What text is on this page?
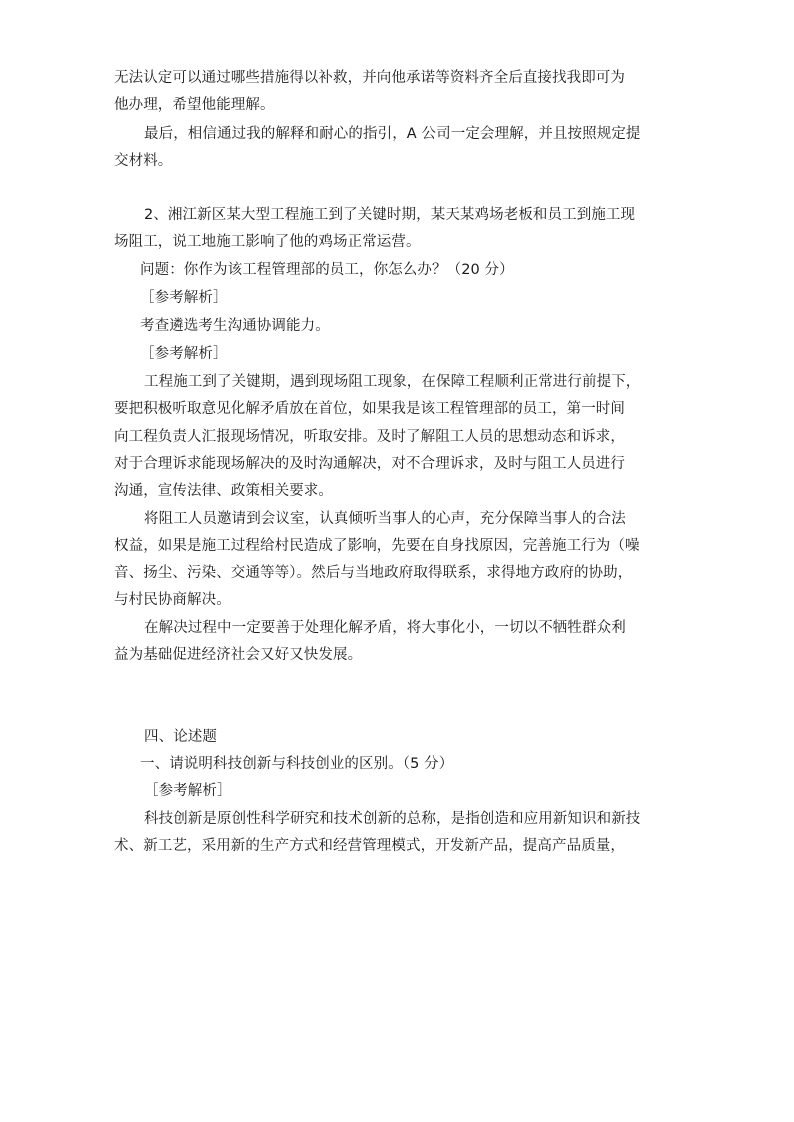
无法认定可以通过哪些措施得以补救，并向他承诺等资料齐全后直接找我即可为
他办理，希望他能理解。
最后，相信通过我的解释和耐心的指引，A 公司一定会理解，并且按照规定提
交材料。
2、湘江新区某大型工程施工到了关键时期，某天某鸡场老板和员工到施工现
场阻工，说工地施工影响了他的鸡场正常运营。
问题：你作为该工程管理部的员工，你怎么办？（20 分）
［参考解析］
考查遴选考生沟通协调能力。
［参考解析］
工程施工到了关键期，遇到现场阻工现象，在保障工程顺利正常进行前提下，
要把积极听取意见化解矛盾放在首位，如果我是该工程管理部的员工，第一时间
向工程负责人汇报现场情况，听取安排。及时了解阻工人员的思想动态和诉求，
对于合理诉求能现场解决的及时沟通解决，对不合理诉求，及时与阻工人员进行
沟通，宣传法律、政策相关要求。
将阻工人员邀请到会议室，认真倾听当事人的心声，充分保障当事人的合法
权益，如果是施工过程给村民造成了影响，先要在自身找原因，完善施工行为（噪
音、扬尘、污染、交通等等）。然后与当地政府取得联系，求得地方政府的协助，
与村民协商解决。
在解决过程中一定要善于处理化解矛盾，将大事化小，一切以不牺牲群众利
益为基础促进经济社会又好又快发展。
四、论述题
一、请说明科技创新与科技创业的区别。（5 分）
［参考解析］
科技创新是原创性科学研究和技术创新的总称，是指创造和应用新知识和新技
术、新工艺，采用新的生产方式和经营管理模式，开发新产品，提高产品质量，
